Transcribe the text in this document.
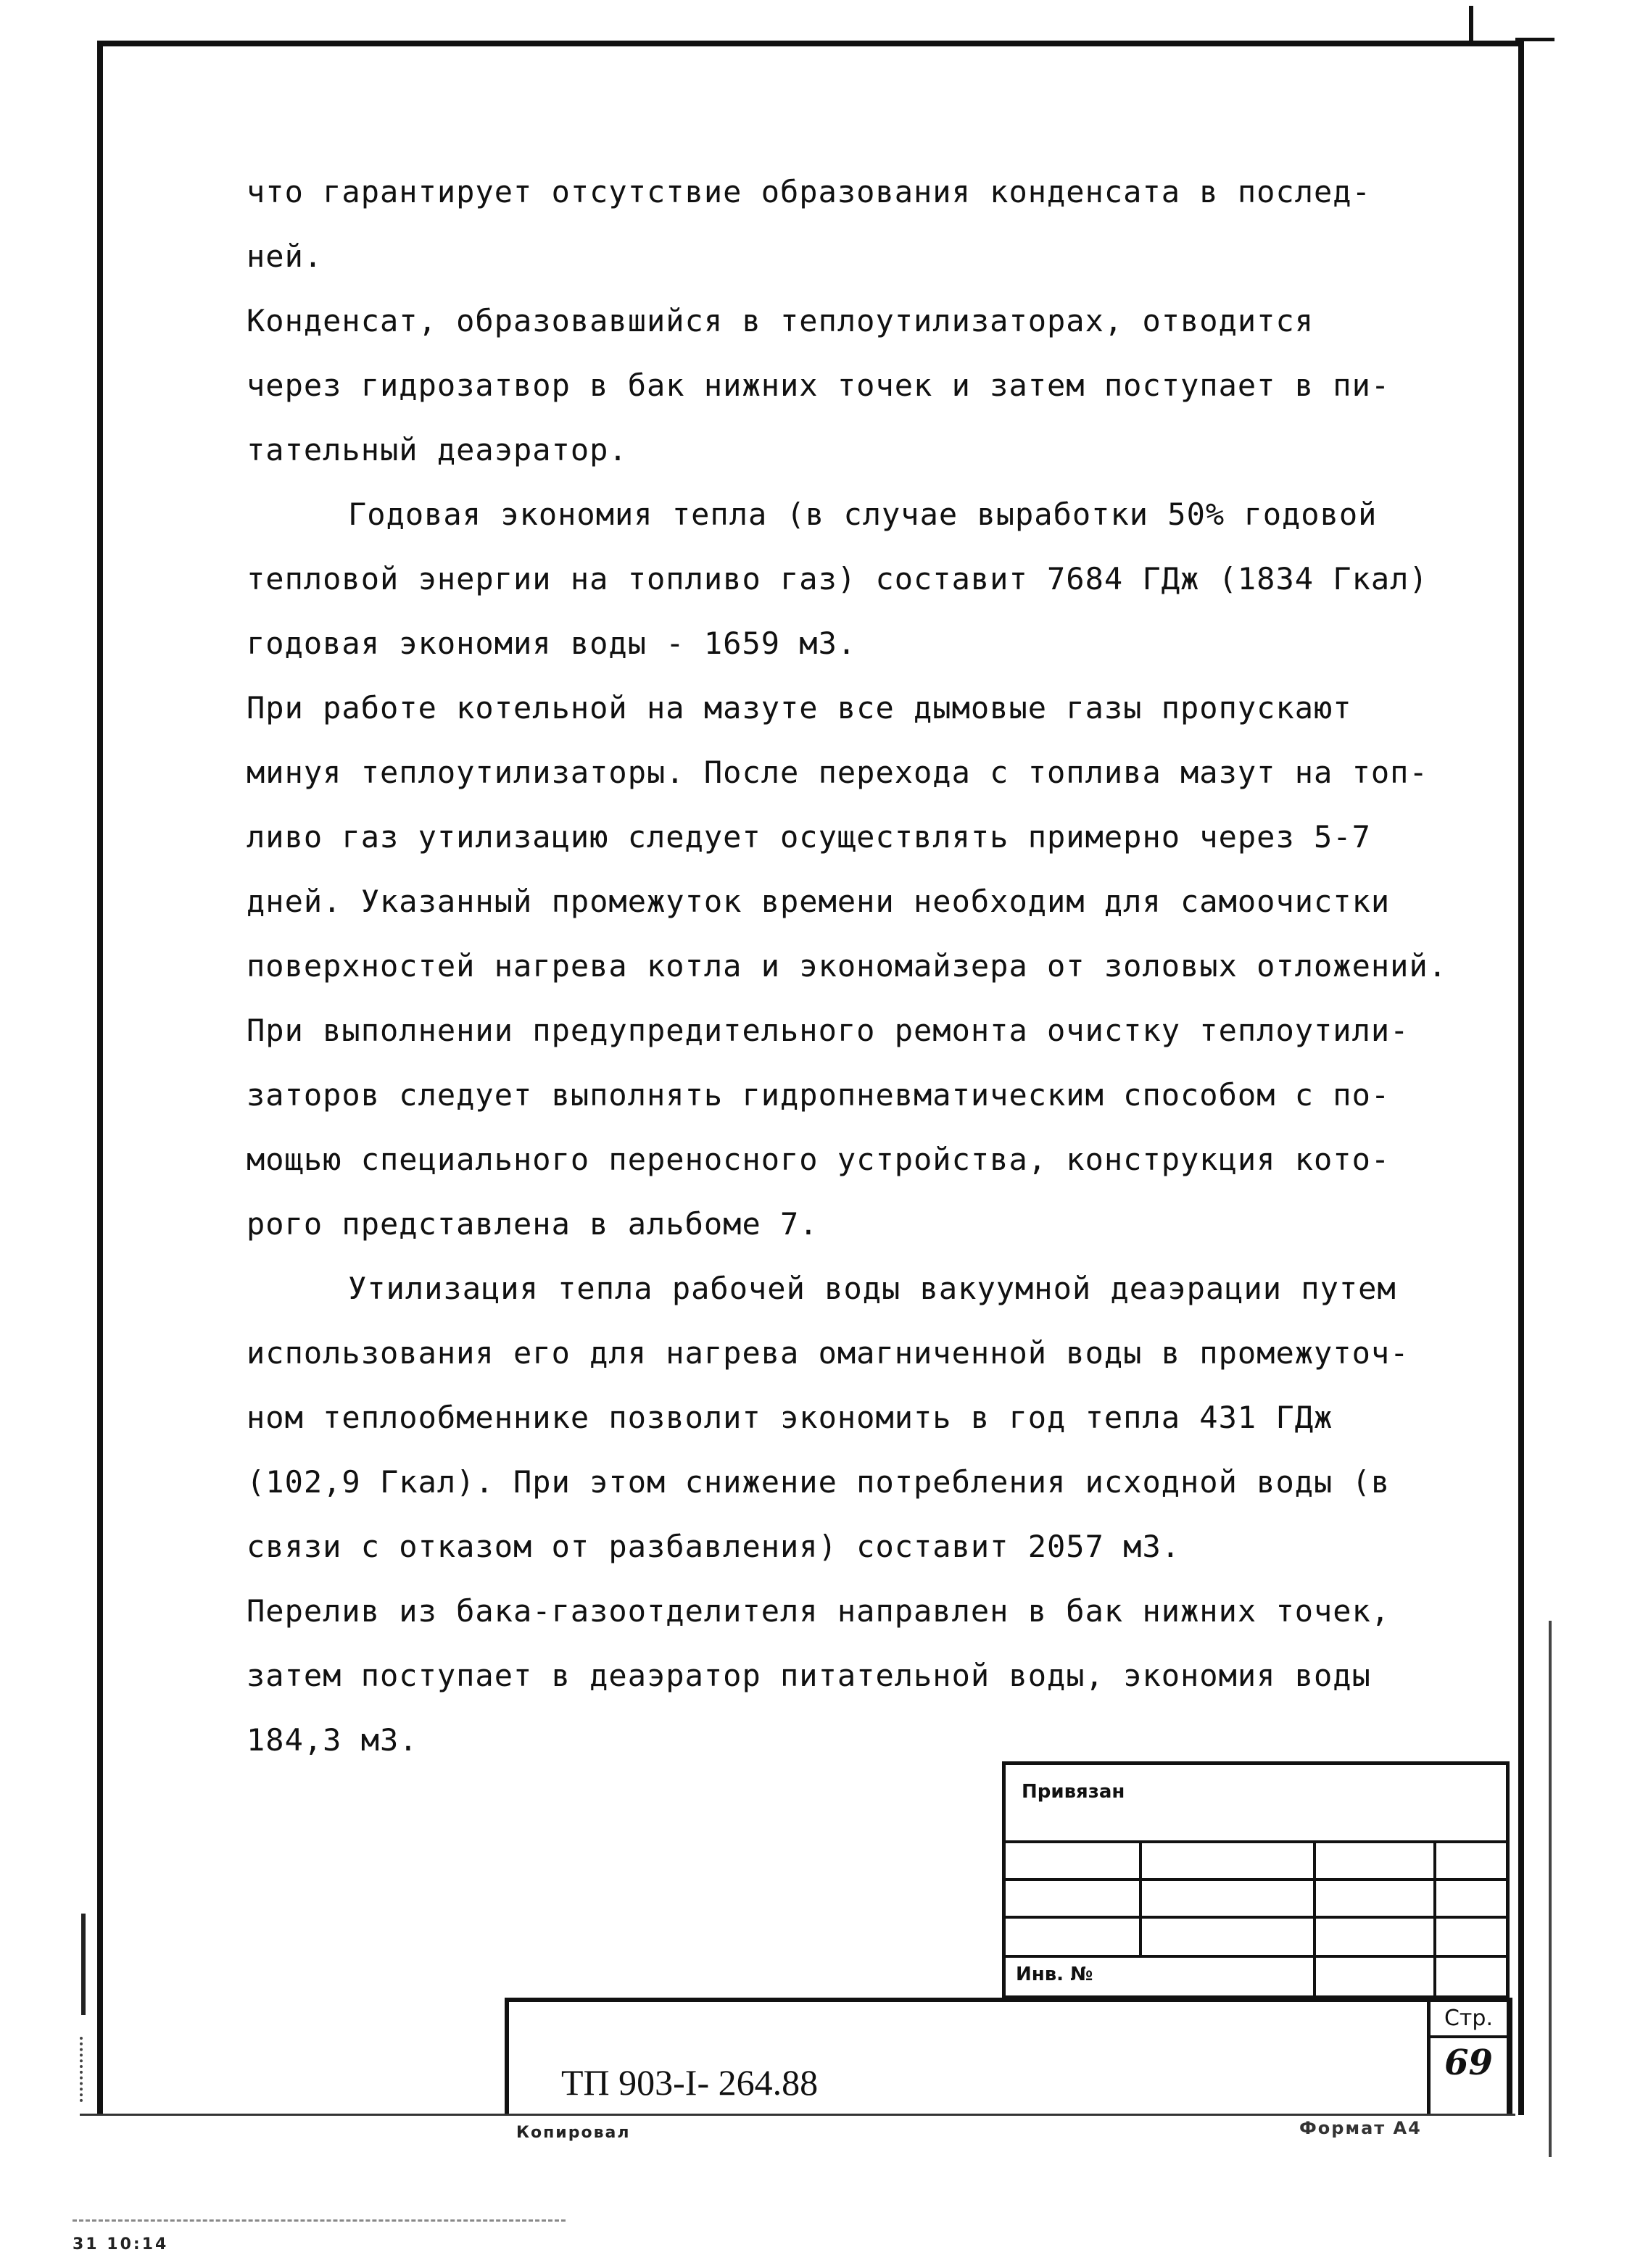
что гарантирует отсутствие образования конденсата в послед-
ней.
Конденсат, образовавшийся в теплоутилизаторах, отводится
через гидрозатвор в бак нижних точек и затем поступает в пи-
тательный деаэратор.
Годовая экономия тепла (в случае выработки 50% годовой
тепловой энергии на топливо газ) составит 7684 ГДж (1834 Гкал)
годовая экономия воды - 1659 м3.
При работе котельной на мазуте все дымовые газы пропускают
минуя теплоутилизаторы. После перехода с топлива мазут на топ-
ливо газ утилизацию следует осуществлять примерно через 5-7
дней. Указанный промежуток времени необходим для самоочистки
поверхностей нагрева котла и экономайзера от золовых отложений.
При выполнении предупредительного ремонта очистку теплоутили-
заторов следует выполнять гидропневматическим способом с по-
мощью специального переносного устройства, конструкция кото-
рого представлена в альбоме 7.
Утилизация тепла рабочей воды вакуумной деаэрации путем
использования его для нагрева омагниченной воды в промежуточ-
ном теплообменнике позволит экономить в год тепла 431 ГДж
(102,9 Гкал). При этом снижение потребления исходной воды (в
связи с отказом от разбавления) составит 2057 м3.
Перелив из бака-газоотделителя направлен в бак нижних точек,
затем поступает в деаэратор питательной воды, экономия воды
184,3 м3.
Привязан
Инв. №
ТП 903-I- 264.88
Стр.
69
Копировал	Формат А4
31 10:14
